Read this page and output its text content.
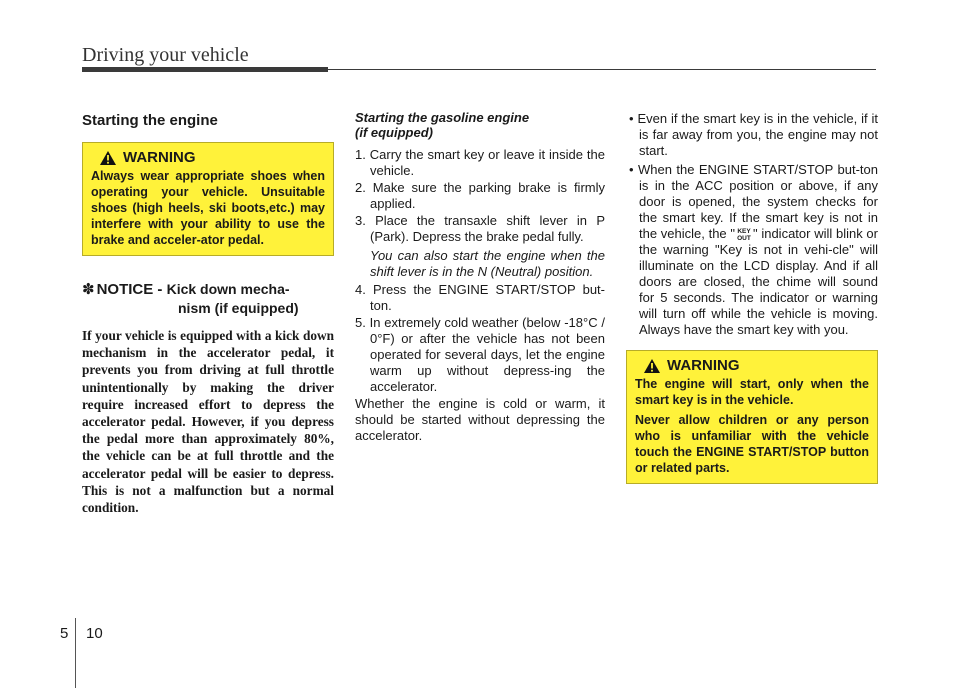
Driving your vehicle
Starting the engine
WARNING

Always wear appropriate shoes when operating your vehicle. Unsuitable shoes (high heels, ski boots,etc.) may interfere with your ability to use the brake and acceler-ator pedal.

✽ NOTICE - Kick down mecha-
nism (if equipped)
If your vehicle is equipped with a kick down mechanism in the accelerator pedal, it prevents you from driving at full throttle unintentionally by making the driver require increased effort to depress the accelerator pedal. However, if you depress the pedal more than approximately 80%, the vehicle can be at full throttle and the accelerator pedal will be easier to depress. This is not a malfunction but a normal condition.
Starting the gasoline engine
(if equipped)
1. Carry the smart key or leave it inside the vehicle.
2. Make sure the parking brake is firmly applied.
3. Place the transaxle shift lever in P (Park). Depress the brake pedal fully.
You can also start the engine when the shift lever is in the N (Neutral) position.
4. Press the ENGINE START/STOP but-ton.
5. In extremely cold weather (below -18°C / 0°F) or after the vehicle has not been operated for several days, let the engine warm up without depress-ing the accelerator.

Whether the engine is cold or warm, it should be started without depressing the accelerator.

• Even if the smart key is in the vehicle, if it is far away from you, the engine may not start.
• When the ENGINE START/STOP but-ton is in the ACC position or above, if any door is opened, the system checks for the smart key. If the smart key is not in the vehicle, the " KEY
OUT " indicator will blink or the warning "Key is not in vehi-cle" will illuminate on the LCD display. And if all doors are closed, the chime will sound for 5 seconds. The indicator or warning will turn off while the vehicle is moving. Always have the smart key with you.
WARNING

The engine will start, only when the smart key is in the vehicle.

Never allow children or any person who is unfamiliar with the vehicle touch the ENGINE START/STOP button or related parts.

5 10
